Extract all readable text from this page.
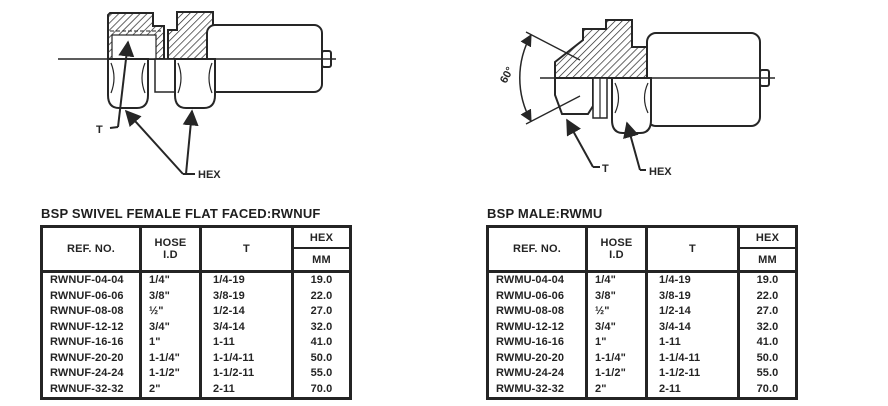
T
HEX
60°
T	HEX
BSP SWIVEL FEMALE FLAT FACED:RWNUF
REF. NO.	HOSE
I.D	T
HEX
MM
RWNUF-04-04	1/4"	1/4-19	19.0
RWNUF-06-06	3/8"	3/8-19	22.0
RWNUF-08-08	½"	1/2-14	27.0
RWNUF-12-12	3/4"	3/4-14	32.0
RWNUF-16-16	1"	1-11	41.0
RWNUF-20-20	1-1/4"	1-1/4-11	50.0
RWNUF-24-24	1-1/2"	1-1/2-11	55.0
RWNUF-32-32	2"	2-11	70.0
BSP MALE:RWMU
REF. NO.	HOSE
I.D	T
HEX
MM
RWMU-04-04	1/4"	1/4-19	19.0
RWMU-06-06	3/8"	3/8-19	22.0
RWMU-08-08	½"	1/2-14	27.0
RWMU-12-12	3/4"	3/4-14	32.0
RWMU-16-16	1"	1-11	41.0
RWMU-20-20	1-1/4"	1-1/4-11	50.0
RWMU-24-24	1-1/2"	1-1/2-11	55.0
RWMU-32-32	2"	2-11	70.0
